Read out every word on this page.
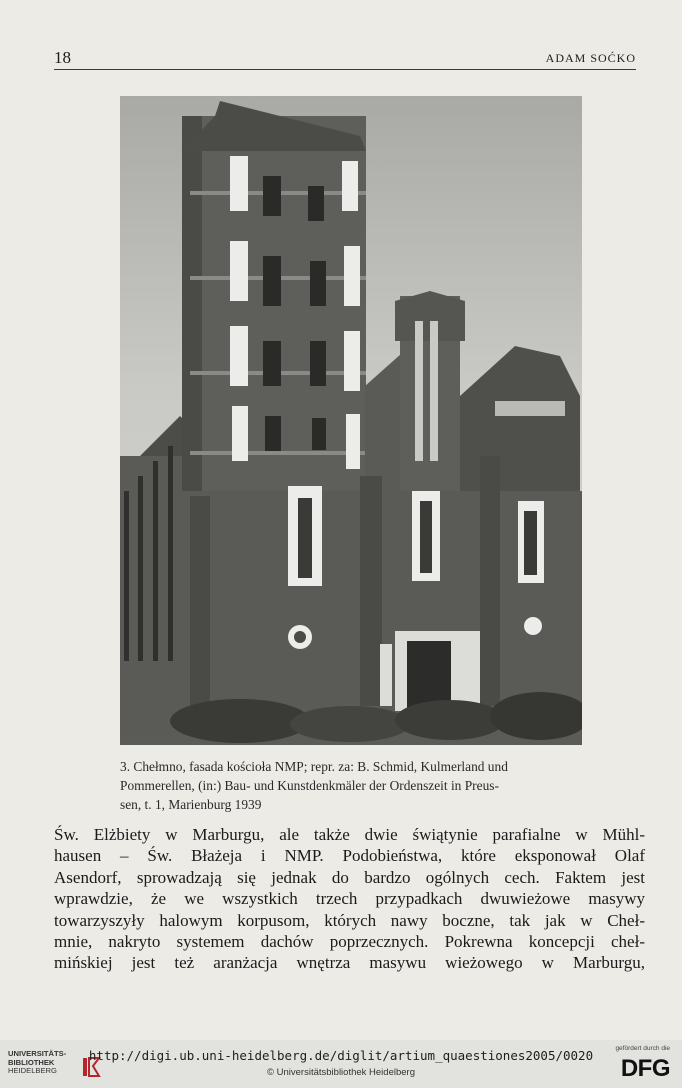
18	ADAM SOĆKO
3. Chełmno, fasada kościoła NMP; repr. za: B. Schmid, Kulmerland und
Pommerellen, (in:) Bau- und Kunstdenkmäler der Ordenszeit in Preus-
sen, t. 1, Marienburg 1939
Św. Elżbiety w Marburgu, ale także dwie świątynie parafialne w Mühl-
hausen – Św. Błażeja i NMP. Podobieństwa, które eksponował Olaf
Asendorf, sprowadzają się jednak do bardzo ogólnych cech. Faktem jest
wprawdzie, że we wszystkich trzech przypadkach dwuwieżowe masywy
towarzyszyły halowym korpusom, których nawy boczne, tak jak w Cheł-
mnie, nakryto systemem dachów poprzecznych. Pokrewna koncepcji cheł-
mińskiej jest też aranżacja wnętrza masywu wieżowego w Marburgu,
UNIVERSITÄTS-
BIBLIOTHEK
HEIDELBERG
http://digi.ub.uni-heidelberg.de/diglit/artium_quaestiones2005/0020
© Universitätsbibliothek Heidelberg
gefördert durch die
DFG
